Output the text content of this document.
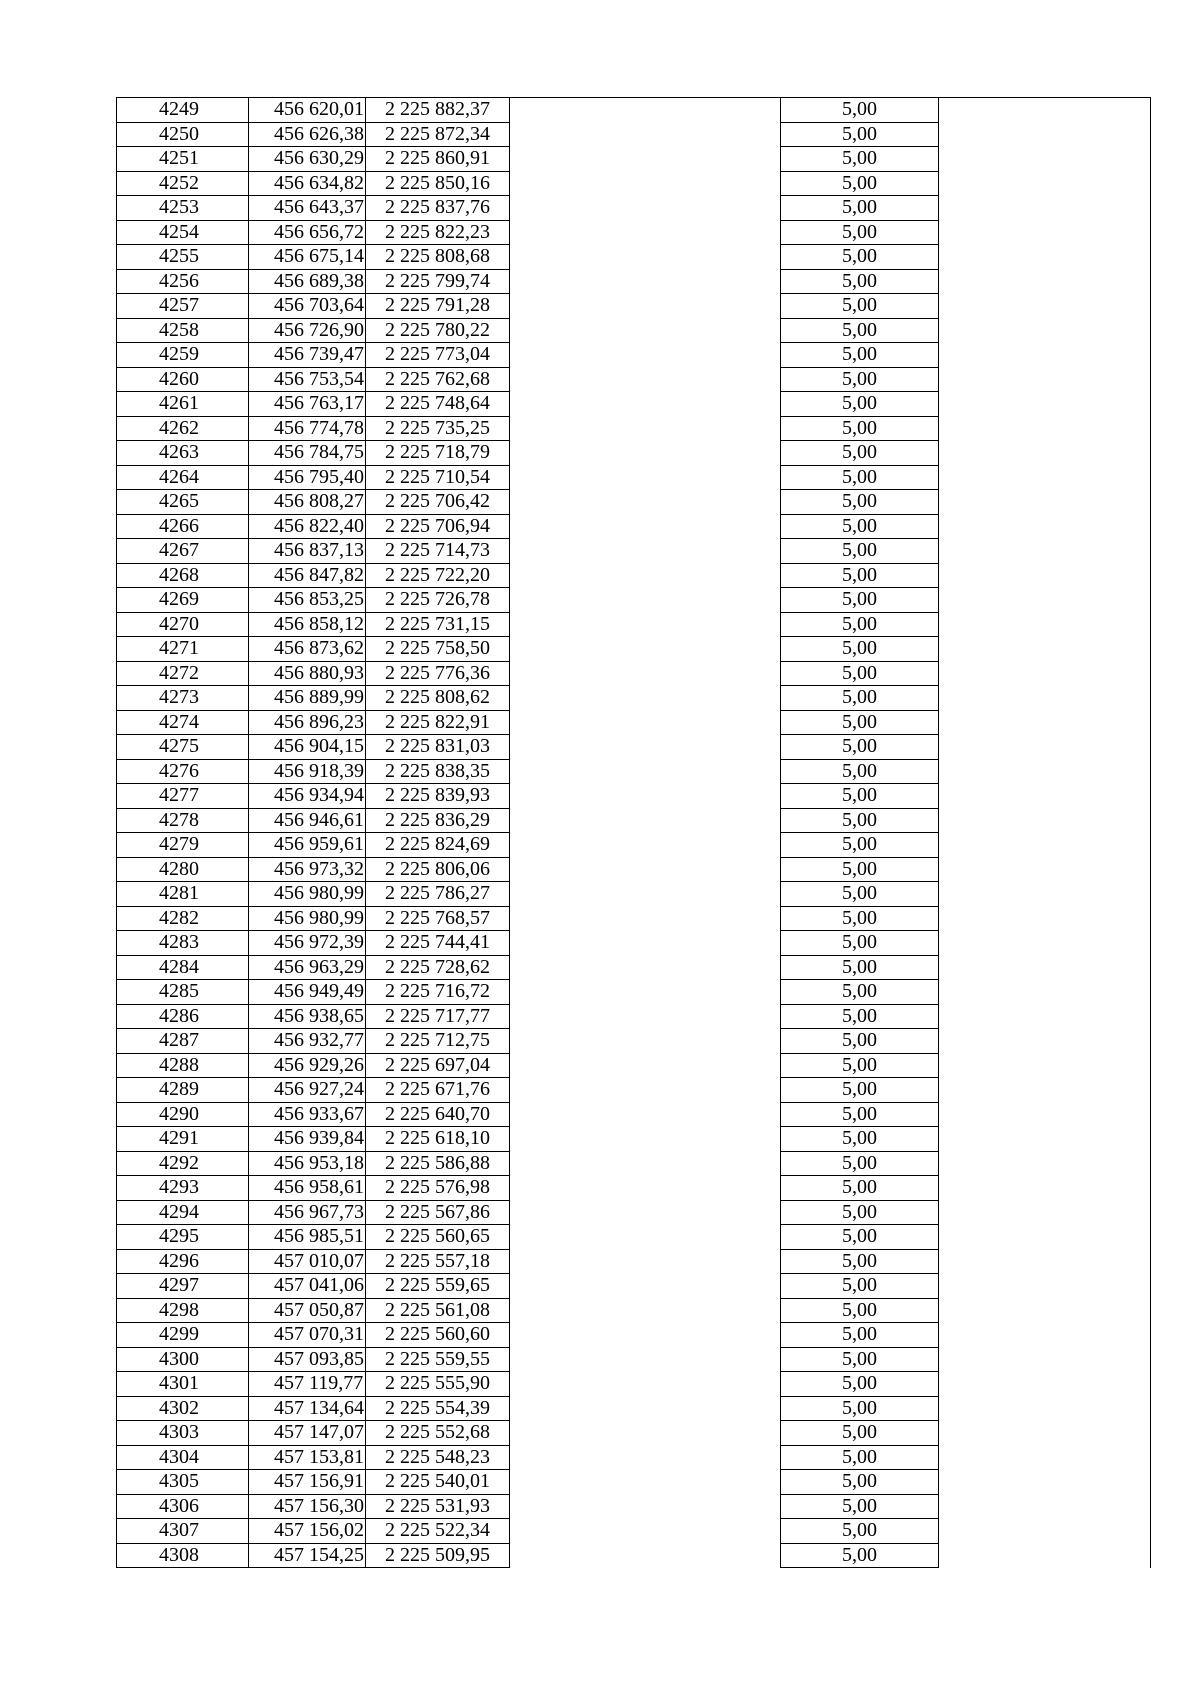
4249	456 620,01	2 225 882,37		5,00	
4250	456 626,38	2 225 872,34		5,00	
4251	456 630,29	2 225 860,91		5,00	
4252	456 634,82	2 225 850,16		5,00	
4253	456 643,37	2 225 837,76		5,00	
4254	456 656,72	2 225 822,23		5,00	
4255	456 675,14	2 225 808,68		5,00	
4256	456 689,38	2 225 799,74		5,00	
4257	456 703,64	2 225 791,28		5,00	
4258	456 726,90	2 225 780,22		5,00	
4259	456 739,47	2 225 773,04		5,00	
4260	456 753,54	2 225 762,68		5,00	
4261	456 763,17	2 225 748,64		5,00	
4262	456 774,78	2 225 735,25		5,00	
4263	456 784,75	2 225 718,79		5,00	
4264	456 795,40	2 225 710,54		5,00	
4265	456 808,27	2 225 706,42		5,00	
4266	456 822,40	2 225 706,94		5,00	
4267	456 837,13	2 225 714,73		5,00	
4268	456 847,82	2 225 722,20		5,00	
4269	456 853,25	2 225 726,78		5,00	
4270	456 858,12	2 225 731,15		5,00	
4271	456 873,62	2 225 758,50		5,00	
4272	456 880,93	2 225 776,36		5,00	
4273	456 889,99	2 225 808,62		5,00	
4274	456 896,23	2 225 822,91		5,00	
4275	456 904,15	2 225 831,03		5,00	
4276	456 918,39	2 225 838,35		5,00	
4277	456 934,94	2 225 839,93		5,00	
4278	456 946,61	2 225 836,29		5,00	
4279	456 959,61	2 225 824,69		5,00	
4280	456 973,32	2 225 806,06		5,00	
4281	456 980,99	2 225 786,27		5,00	
4282	456 980,99	2 225 768,57		5,00	
4283	456 972,39	2 225 744,41		5,00	
4284	456 963,29	2 225 728,62		5,00	
4285	456 949,49	2 225 716,72		5,00	
4286	456 938,65	2 225 717,77		5,00	
4287	456 932,77	2 225 712,75		5,00	
4288	456 929,26	2 225 697,04		5,00	
4289	456 927,24	2 225 671,76		5,00	
4290	456 933,67	2 225 640,70		5,00	
4291	456 939,84	2 225 618,10		5,00	
4292	456 953,18	2 225 586,88		5,00	
4293	456 958,61	2 225 576,98		5,00	
4294	456 967,73	2 225 567,86		5,00	
4295	456 985,51	2 225 560,65		5,00	
4296	457 010,07	2 225 557,18		5,00	
4297	457 041,06	2 225 559,65		5,00	
4298	457 050,87	2 225 561,08		5,00	
4299	457 070,31	2 225 560,60		5,00	
4300	457 093,85	2 225 559,55		5,00	
4301	457 119,77	2 225 555,90		5,00	
4302	457 134,64	2 225 554,39		5,00	
4303	457 147,07	2 225 552,68		5,00	
4304	457 153,81	2 225 548,23		5,00	
4305	457 156,91	2 225 540,01		5,00	
4306	457 156,30	2 225 531,93		5,00	
4307	457 156,02	2 225 522,34		5,00	
4308	457 154,25	2 225 509,95		5,00	
